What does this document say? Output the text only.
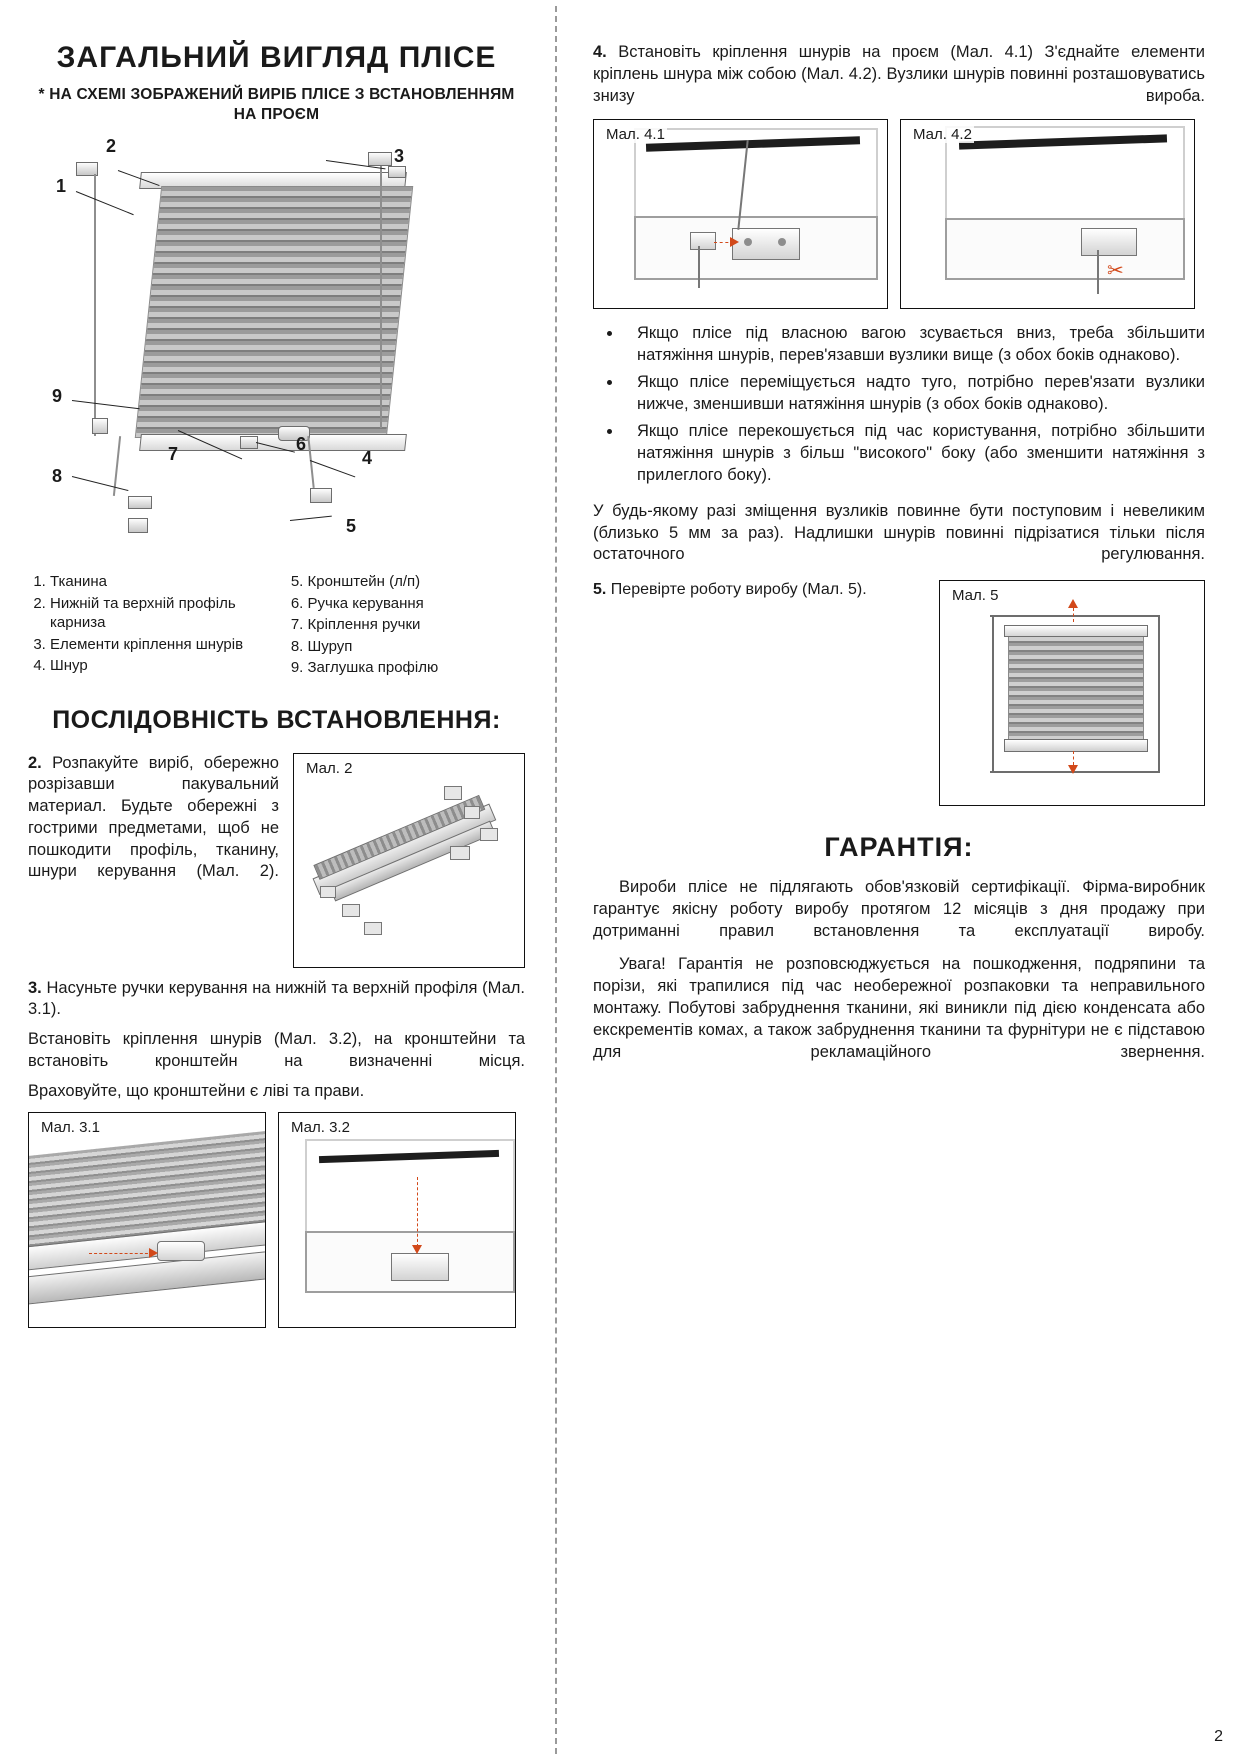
ЗАГАЛЬНИЙ ВИГЛЯД ПЛІСЕ
* НА СХЕМІ ЗОБРАЖЕНИЙ ВИРІБ ПЛІСЕ З ВСТАНОВЛЕННЯМ НА ПРОЄМ
1
2	3
4
5
6
7
8
9
1. Тканина
2. Нижній та верхній профіль карниза
3. Елементи кріплення шнурів
4. Шнур
5. Кронштейн (л/п)
6. Ручка керування
7. Кріплення ручки
8. Шуруп
9. Заглушка профілю
ПОСЛІДОВНІСТЬ ВСТАНОВЛЕННЯ:

2. Розпакуйте виріб, обережно розрізавши пакувальний материал. Будьте обережні з гострими предметами, щоб не пошкодити профіль, тканину, шнури керування (Мал. 2).

Мал. 2

3. Насуньте ручки керування на нижній та верхній профіля (Мал. 3.1).

Встановіть кріплення шнурів (Мал. 3.2), на кронштейни та встановіть кронштейн на визначенні місця.

Враховуйте, що кронштейни є ліві та прави.

Мал. 3.1	Мал. 3.2

4. Встановіть кріплення шнурів на проєм (Мал. 4.1) З'єднайте елементи кріплень шнура між собою (Мал. 4.2). Вузлики шнурів повинні розташовуватись знизу вироба.

Мал. 4.1	Мал. 4.2
✂
• Якщо пліcе під власною вагою зсувається вниз, треба збільшити натяжіння шнурів, перев'язавши вузлики вище (з обох боків однаково).
• Якщо пліcе переміщується надто туго, потрібно перев'язати вузлики нижче, зменшивши натяжіння шнурів (з обох боків однаково).
• Якщо пліcе перекошується під час користування, потрібно збільшити натяжіння шнурів з більш "високого" боку (або зменшити натяжіння з прилеглого боку).

У будь-якому разі зміщення вузликів повинне бути поступовим і невеликим (близько 5 мм за раз). Надлишки шнурів повинні підрізатися тільки після остаточного регулювання.

5. Перевірте роботу виробу (Мал. 5).	Мал. 5
ГАРАНТІЯ:

Вироби пліcе не підлягають обов'язковій сертифікації. Фірма-виробник гарантує якісну роботу виробу протягом 12 місяців з дня продажу при дотриманні правил встановлення та експлуатації виробу.

Увага! Гарантія не розповсюджується на пошкодження, подряпини та порізи, які трапилися під час необережної розпаковки та неправильного монтажу. Побутові забруднення тканини, які виникли під дією конденсата або екскрементів комах, а також забруднення тканини та фурнітури не є підставою для рекламаційного звернення.

2
